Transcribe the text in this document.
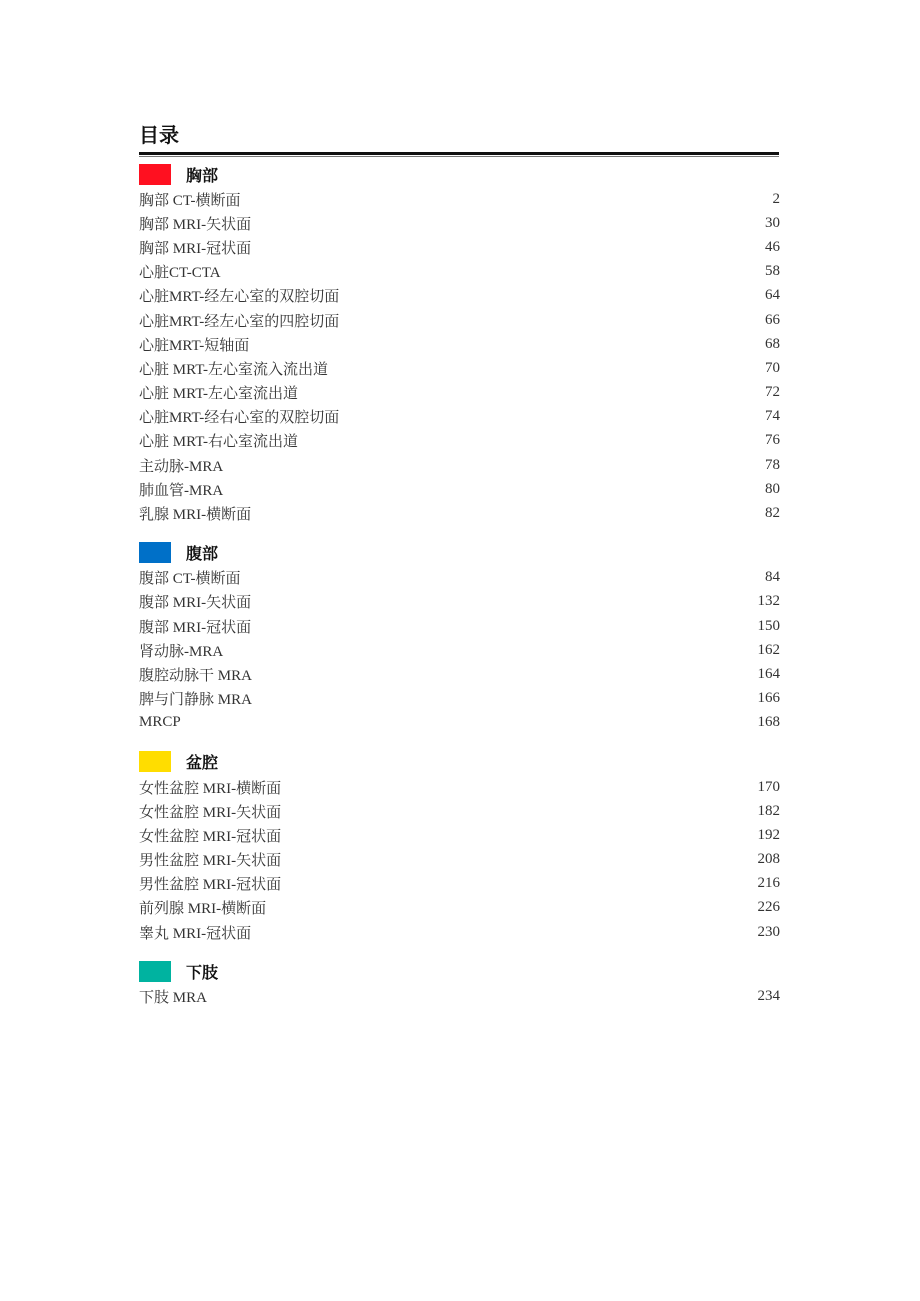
目录
胸部
胸部 CT-横断面	2
胸部 MRI-矢状面	30
胸部 MRI-冠状面	46
心脏CT-CTA	58
心脏MRT-经左心室的双腔切面	64
心脏MRT-经左心室的四腔切面	66
心脏MRT-短轴面	68
心脏 MRT-左心室流入流出道	70
心脏 MRT-左心室流出道	72
心脏MRT-经右心室的双腔切面	74
心脏 MRT-右心室流出道	76
主动脉-MRA	78
肺血管-MRA	80
乳腺 MRI-横断面	82
腹部
腹部 CT-横断面	84
腹部 MRI-矢状面	132
腹部 MRI-冠状面	150
肾动脉-MRA	162
腹腔动脉干 MRA	164
脾与门静脉 MRA	166
MRCP	168
盆腔
女性盆腔 MRI-横断面	170
女性盆腔 MRI-矢状面	182
女性盆腔 MRI-冠状面	192
男性盆腔 MRI-矢状面	208
男性盆腔 MRI-冠状面	216
前列腺 MRI-横断面	226
睾丸 MRI-冠状面	230
下肢
下肢 MRA	234
